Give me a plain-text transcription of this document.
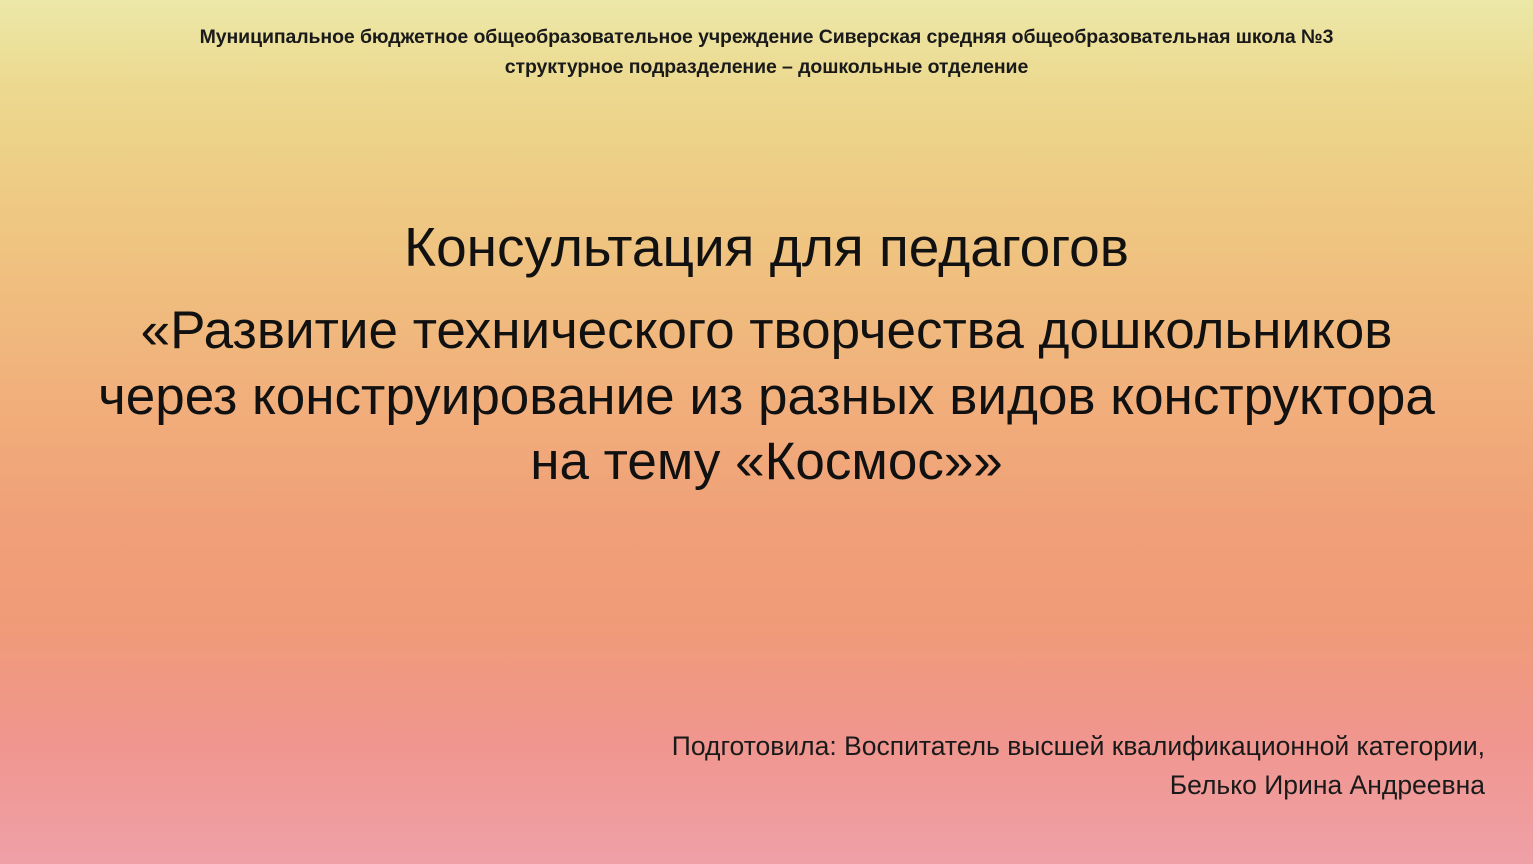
Муниципальное бюджетное общеобразовательное учреждение Сиверская средняя общеобразовательная школа №3
структурное подразделение – дошкольные отделение
Консультация для педагогов
«Развитие технического творчества дошкольников через конструирование из разных видов конструктора на тему «Космос»»
Подготовила: Воспитатель высшей квалификационной категории,
Белько Ирина Андреевна
